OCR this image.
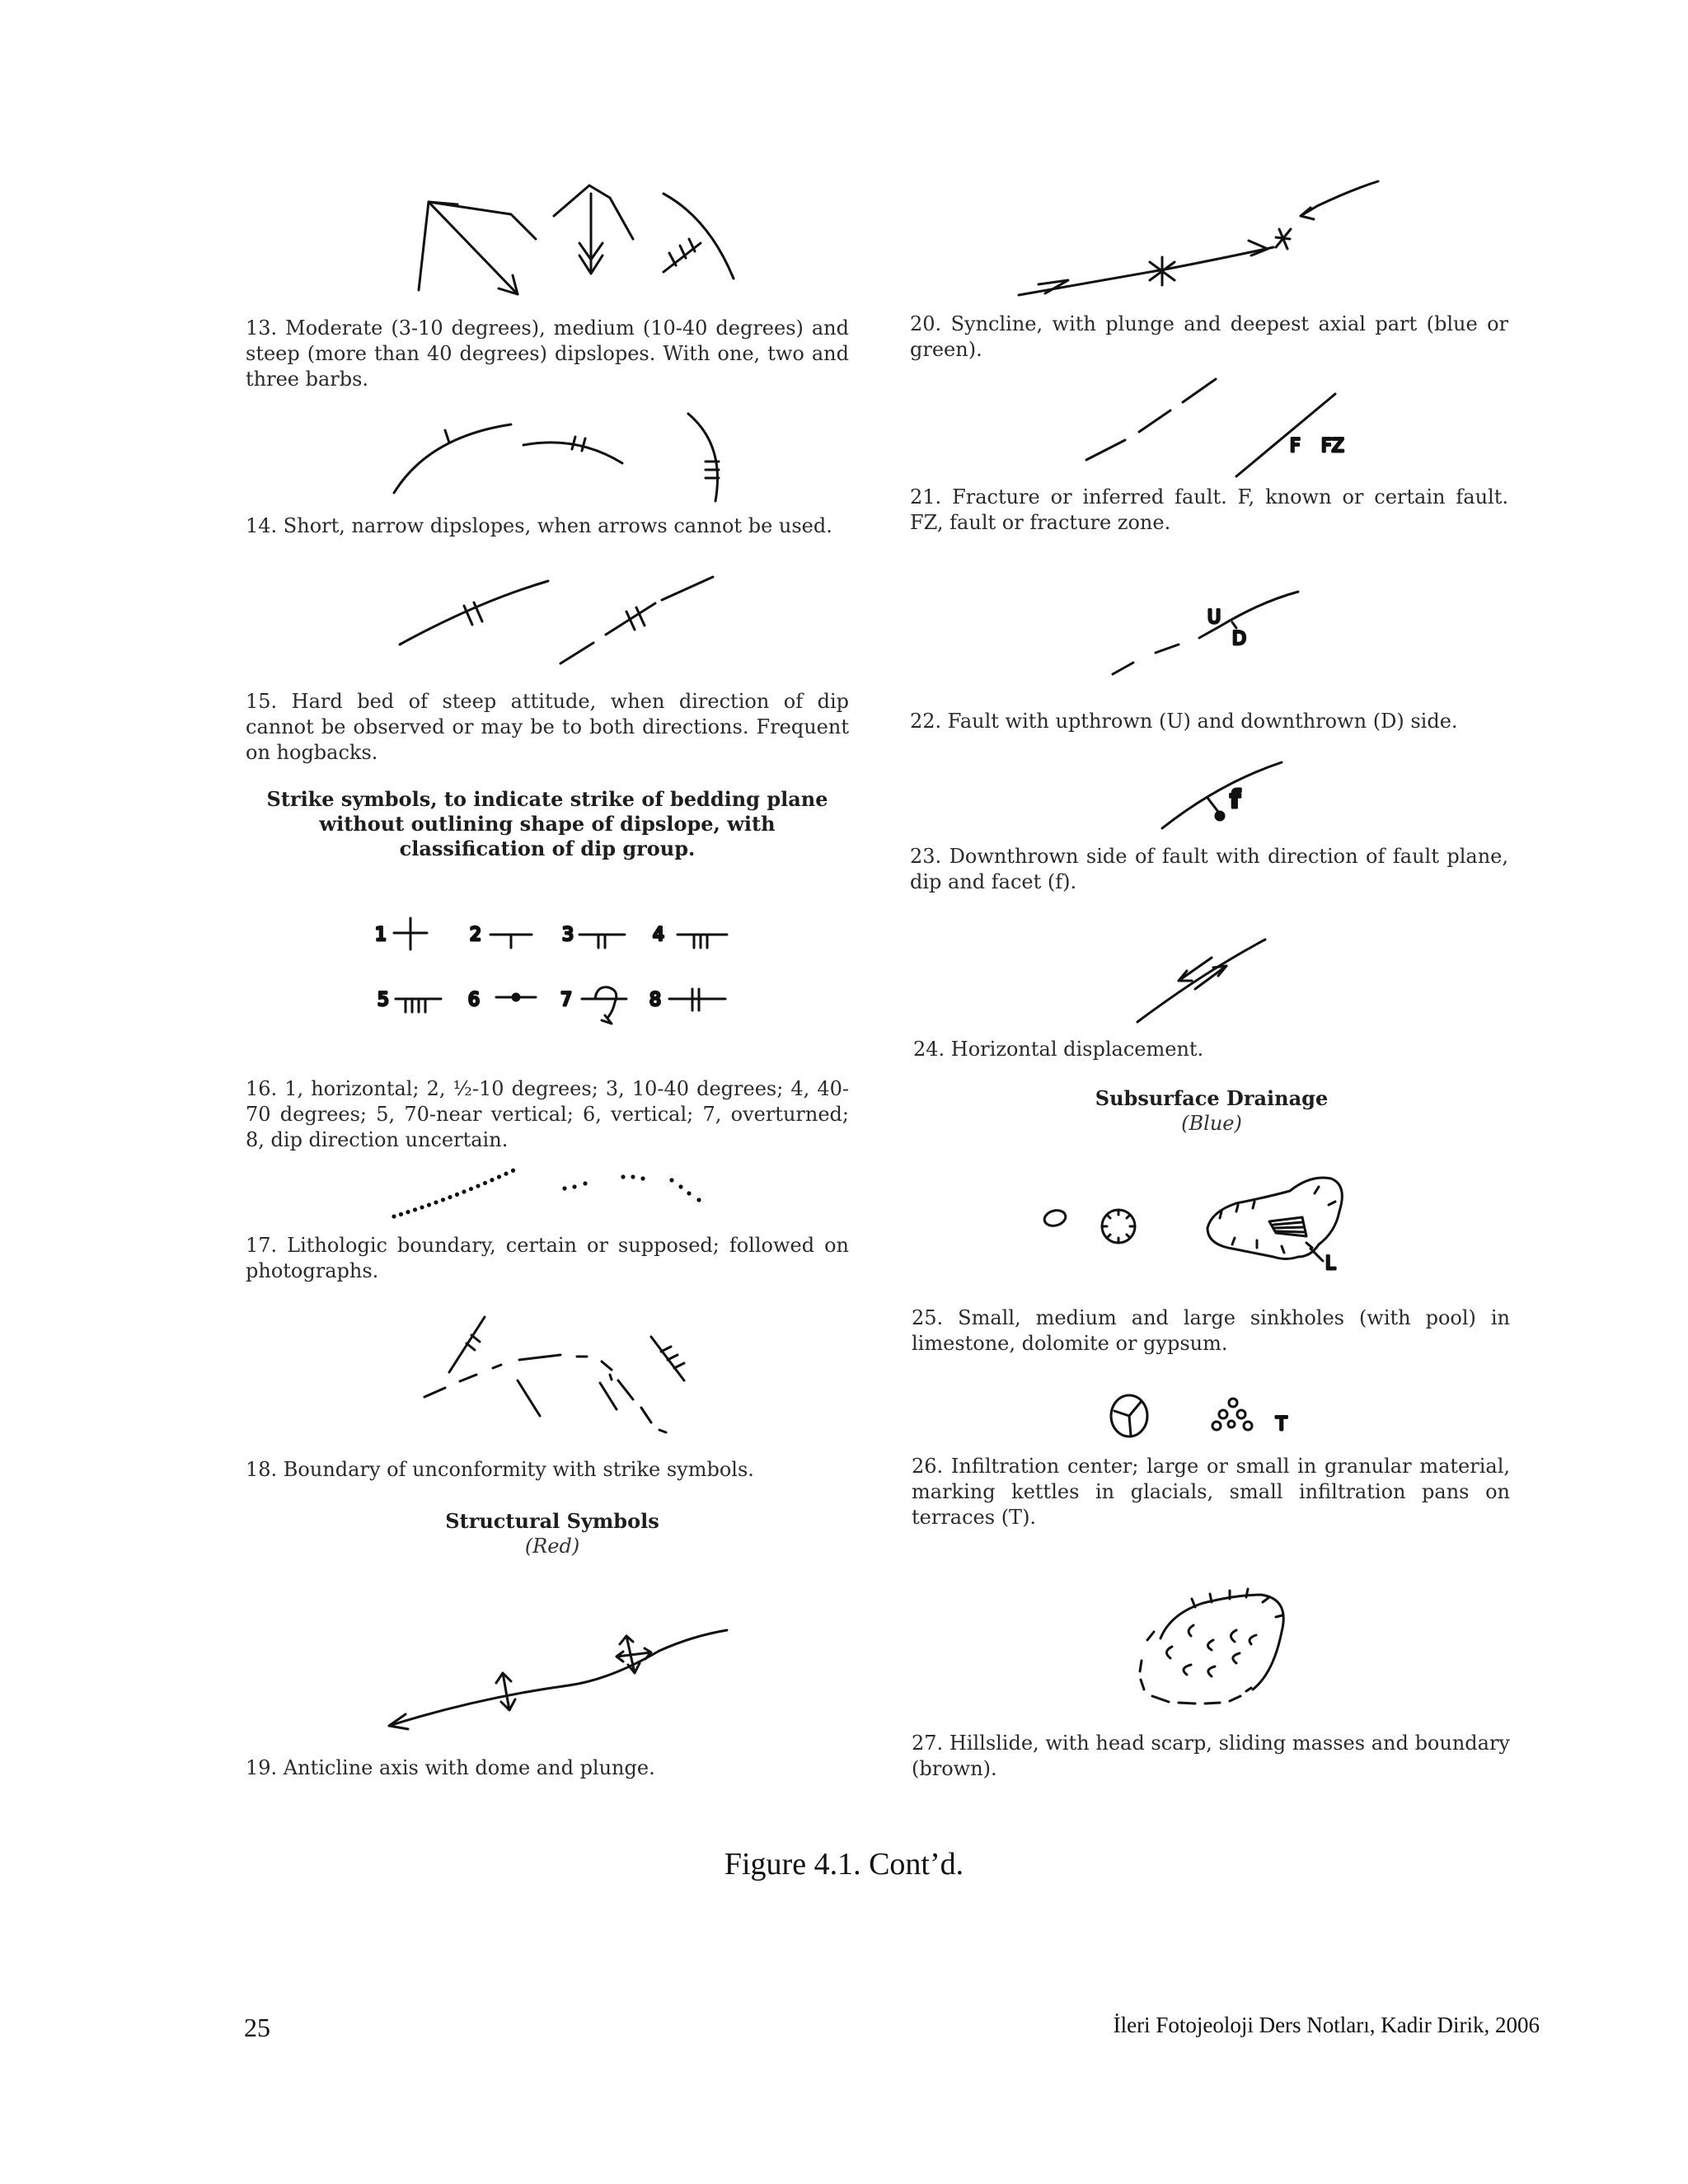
1	2	3	4
5	6	7	8
F FZ
U
D
f
L
T
13. Moderate (3-10 degrees), medium (10-40 degrees) and steep (more than 40 degrees) dipslopes. With one, two and three barbs.
14. Short, narrow dipslopes, when arrows cannot be used.
15. Hard bed of steep attitude, when direction of dip cannot be observed or may be to both directions. Frequent on hogbacks.
Strike symbols, to indicate strike of bedding plane without outlining shape of dipslope, with classification of dip group.
16. 1, horizontal; 2, ½-10 degrees; 3, 10-40 degrees; 4, 40-70 degrees; 5, 70-near vertical; 6, vertical; 7, overturned; 8, dip direction uncertain.
17. Lithologic boundary, certain or supposed; followed on photographs.
18. Boundary of unconformity with strike symbols.
Structural Symbols
(Red)
19. Anticline axis with dome and plunge.
20. Syncline, with plunge and deepest axial part (blue or green).
21. Fracture or inferred fault. F, known or certain fault. FZ, fault or fracture zone.
22. Fault with upthrown (U) and downthrown (D) side.
23. Downthrown side of fault with direction of fault plane, dip and facet (f).
24. Horizontal displacement.
Subsurface Drainage
(Blue)
25. Small, medium and large sinkholes (with pool) in limestone, dolomite or gypsum.
26. Infiltration center; large or small in granular material, marking kettles in glacials, small infiltration pans on terraces (T).
27. Hillslide, with head scarp, sliding masses and boundary (brown).
Figure 4.1. Cont’d.
25	İleri Fotojeoloji Ders Notları, Kadir Dirik, 2006
